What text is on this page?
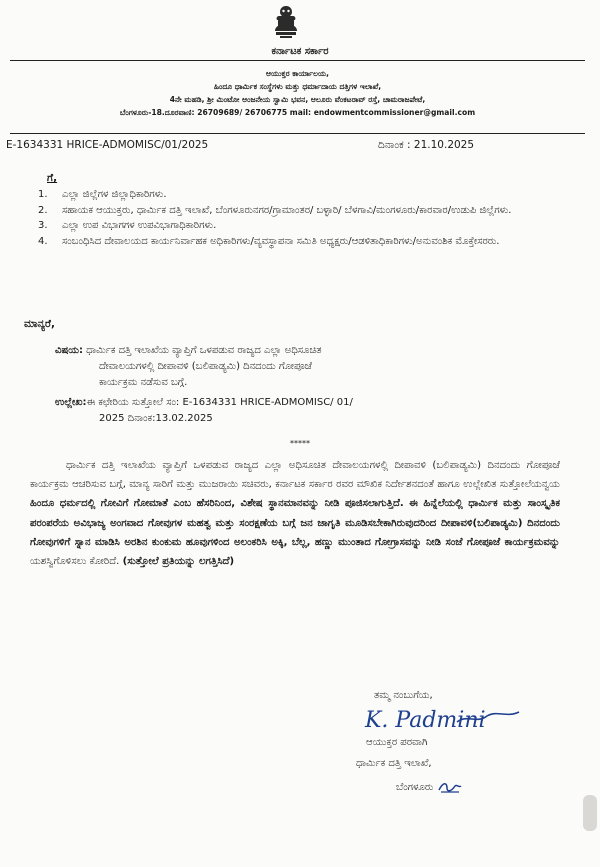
ಕರ್ನಾಟಕ ಸರ್ಕಾರ
ಆಯುಕ್ತರ ಕಾರ್ಯಾಲಯ,
ಹಿಂದೂ ಧಾರ್ಮಿಕ ಸಂಸ್ಥೆಗಳು ಮತ್ತು ಧರ್ಮಾದಾಯ ದತ್ತಿಗಳ ಇಲಾಖೆ,
4ನೇ ಮಹಡಿ, ಶ್ರೀ ಮಿಂಟೋ ಆಂಜನೇಯ ಸ್ವಾಮಿ ಭವನ, ಆಲೂರು ವೆಂಕಟರಾವ್ ರಸ್ತೆ, ಚಾಮರಾಜಪೇಟೆ,
ಬೆಂಗಳೂರು-18.ದೂರವಾಣಿ: 26709689/ 26706775 mail: endowmentcommissioner@gmail.com
E-1634331 HRICE-ADMOMISC/01/2025	ದಿನಾಂಕ : 21.10.2025
ಗೆ,
1. ಎಲ್ಲಾ ಜಿಲ್ಲೆಗಳ ಜಿಲ್ಲಾಧಿಕಾರಿಗಳು.
2. ಸಹಾಯಕ ಆಯುಕ್ತರು, ಧಾರ್ಮಿಕ ದತ್ತಿ ಇಲಾಖೆ, ಬೆಂಗಳೂರುನಗರ/ಗ್ರಾಮಾಂತರ/ ಬಳ್ಳಾರಿ/ ಬೆಳಗಾವಿ/ಮಂಗಳೂರು/ಕಾರವಾರ/ಉಡುಪಿ ಜಿಲ್ಲೆಗಳು.
3. ಎಲ್ಲಾ ಉಪ ವಿಭಾಗಗಳ ಉಪವಿಭಾಗಾಧಿಕಾರಿಗಳು.
4. ಸಂಬಂಧಿಸಿದ ದೇವಾಲಯದ ಕಾರ್ಯನಿರ್ವಾಹಕ ಅಧಿಕಾರಿಗಳು/ವ್ಯವಸ್ಥಾಪನಾ ಸಮಿತಿ ಅಧ್ಯಕ್ಷರು/ಆಡಳಿತಾಧಿಕಾರಿಗಳು/ಅನುವಂಶಿಕ ಮೊಕ್ತೇಸರರು.
ಮಾನ್ಯರೆ,
ವಿಷಯ: ಧಾರ್ಮಿಕ ದತ್ತಿ ಇಲಾಖೆಯ ವ್ಯಾಪ್ತಿಗೆ ಒಳಪಡುವ ರಾಜ್ಯದ ಎಲ್ಲಾ ಅಧಿಸೂಚಿತ
ದೇವಾಲಯಗಳಲ್ಲಿ ದೀಪಾವಳಿ (ಬಲಿಪಾಡ್ಯಮಿ) ದಿನದಂದು ಗೋಪೂಜೆ
ಕಾರ್ಯಕ್ರಮ ನಡೆಸುವ ಬಗ್ಗೆ.
ಉಲ್ಲೇಖ:ಈ ಕಛೇರಿಯ ಸುತ್ತೋಲೆ ಸಂ: E-1634331 HRICE-ADMOMISC/ 01/
2025 ದಿನಾಂಕ:13.02.2025
*****
ಧಾರ್ಮಿಕ ದತ್ತಿ ಇಲಾಖೆಯ ವ್ಯಾಪ್ತಿಗೆ ಒಳಪಡುವ ರಾಜ್ಯದ ಎಲ್ಲಾ ಅಧಿಸೂಚಿತ ದೇವಾಲಯಗಳಲ್ಲಿ ದೀಪಾವಳಿ (ಬಲಿಪಾಡ್ಯಮಿ) ದಿನದಂದು ಗೋಪೂಜೆ ಕಾರ್ಯಕ್ರಮ ಆಚರಿಸುವ ಬಗ್ಗೆ, ಮಾನ್ಯ ಸಾರಿಗೆ ಮತ್ತು ಮುಜರಾಯಿ ಸಚಿವರು, ಕರ್ನಾಟಕ ಸರ್ಕಾರ ರವರ ಮೌಖಿಕ ನಿರ್ದೇಶನದಂತೆ ಹಾಗೂ ಉಲ್ಲೇಖಿತ ಸುತ್ತೋಲೆಯನ್ವಯ ಹಿಂದೂ ಧರ್ಮದಲ್ಲಿ ಗೋವಿಗೆ ಗೋಮಾತೆ ಎಂಬ ಹೆಸರಿನಿಂದ, ವಿಶೇಷ ಸ್ಥಾನಮಾನವನ್ನು ನೀಡಿ ಪೂಜಿಸಲಾಗುತ್ತಿದೆ. ಈ ಹಿನ್ನೆಲೆಯಲ್ಲಿ ಧಾರ್ಮಿಕ ಮತ್ತು ಸಾಂಸ್ಕೃತಿಕ ಪರಂಪರೆಯ ಅವಿಭಾಜ್ಯ ಅಂಗವಾದ ಗೋವುಗಳ ಮಹತ್ವ ಮತ್ತು ಸಂರಕ್ಷಣೆಯ ಬಗ್ಗೆ ಜನ ಜಾಗೃತಿ ಮೂಡಿಸಬೇಕಾಗಿರುವುದರಿಂದ ದೀಪಾವಳಿ(ಬಲಿಪಾಡ್ಯಮಿ) ದಿನದಂದು ಗೋವುಗಳಿಗೆ ಸ್ನಾನ ಮಾಡಿಸಿ ಅರಶಿನ ಕುಂಕುಮ ಹೂವುಗಳಿಂದ ಅಲಂಕರಿಸಿ ಅಕ್ಕಿ, ಬೆಲ್ಲ, ಹಣ್ಣು ಮುಂತಾದ ಗೋಗ್ರಾಸವನ್ನು ನೀಡಿ ಸಂಜೆ ಗೋಪೂಜೆ ಕಾರ್ಯಕ್ರಮವನ್ನು ಯಶಸ್ವಿಗೊಳಿಸಲು ಕೋರಿದೆ. (ಸುತ್ತೋಲೆ ಪ್ರತಿಯನ್ನು ಲಗತ್ತಿಸಿದೆ)
ತಮ್ಮ ನಂಬುಗೆಯ,
K. Padmini
ಆಯುಕ್ತರ ಪರವಾಗಿ
ಧಾರ್ಮಿಕ ದತ್ತಿ ಇಲಾಖೆ,
ಬೆಂಗಳೂರು
